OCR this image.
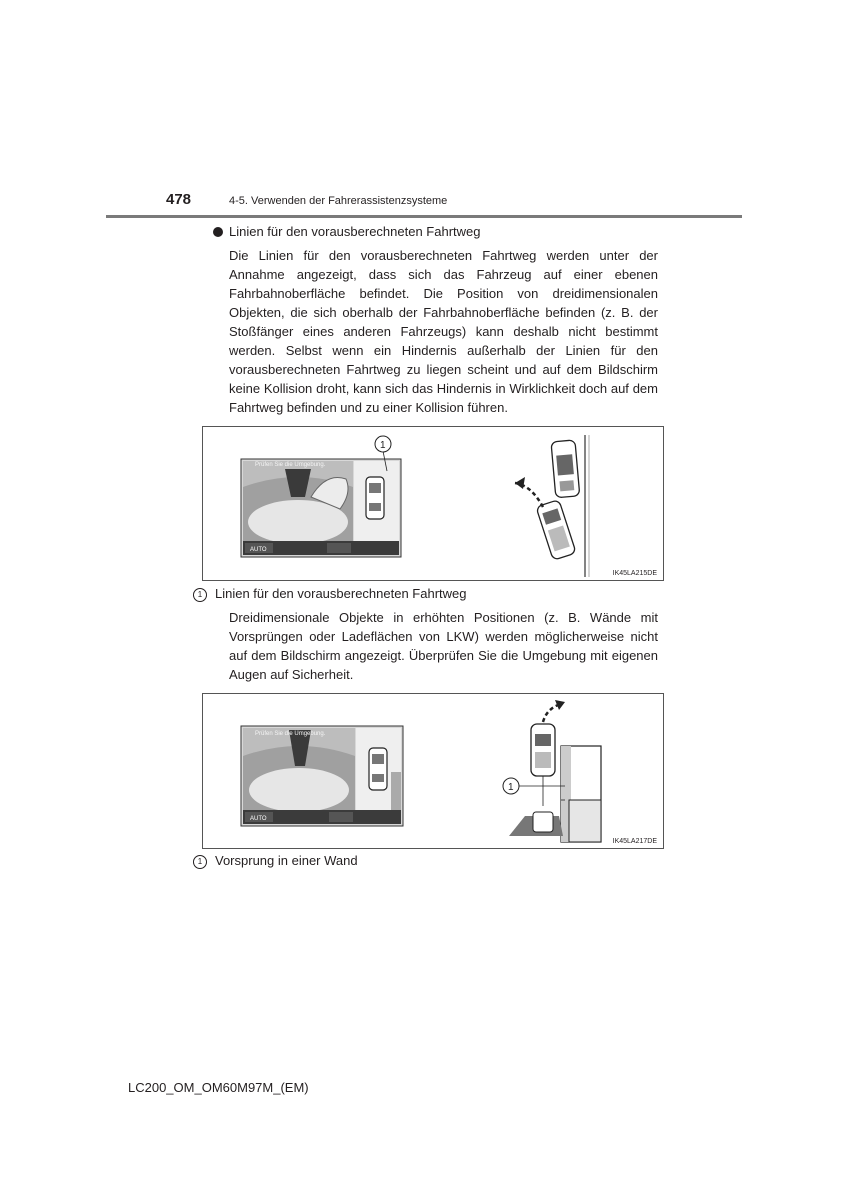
478	4-5. Verwenden der Fahrerassistenzsysteme
Linien für den vorausberechneten Fahrtweg
Die Linien für den vorausberechneten Fahrtweg werden unter der Annahme angezeigt, dass sich das Fahrzeug auf einer ebenen Fahrbahnoberfläche befindet. Die Position von dreidimensionalen Objekten, die sich oberhalb der Fahrbahnoberfläche befinden (z. B. der Stoßfänger eines anderen Fahrzeugs) kann deshalb nicht bestimmt werden. Selbst wenn ein Hindernis außerhalb der Linien für den vorausberechneten Fahrtweg zu liegen scheint und auf dem Bildschirm keine Kollision droht, kann sich das Hindernis in Wirklichkeit doch auf dem Fahrtweg befinden und zu einer Kollision führen.
AUTO
Prüfen Sie die Umgebung.
1
IK45LA215DE
1 Linien für den vorausberechneten Fahrtweg
Dreidimensionale Objekte in erhöhten Positionen (z. B. Wände mit Vorsprüngen oder Ladeflächen von LKW) werden möglicherweise nicht auf dem Bildschirm angezeigt. Überprüfen Sie die Umgebung mit eigenen Augen auf Sicherheit.
AUTO
Prüfen Sie die Umgebung.
1
IK45LA217DE
1 Vorsprung in einer Wand
LC200_OM_OM60M97M_(EM)
